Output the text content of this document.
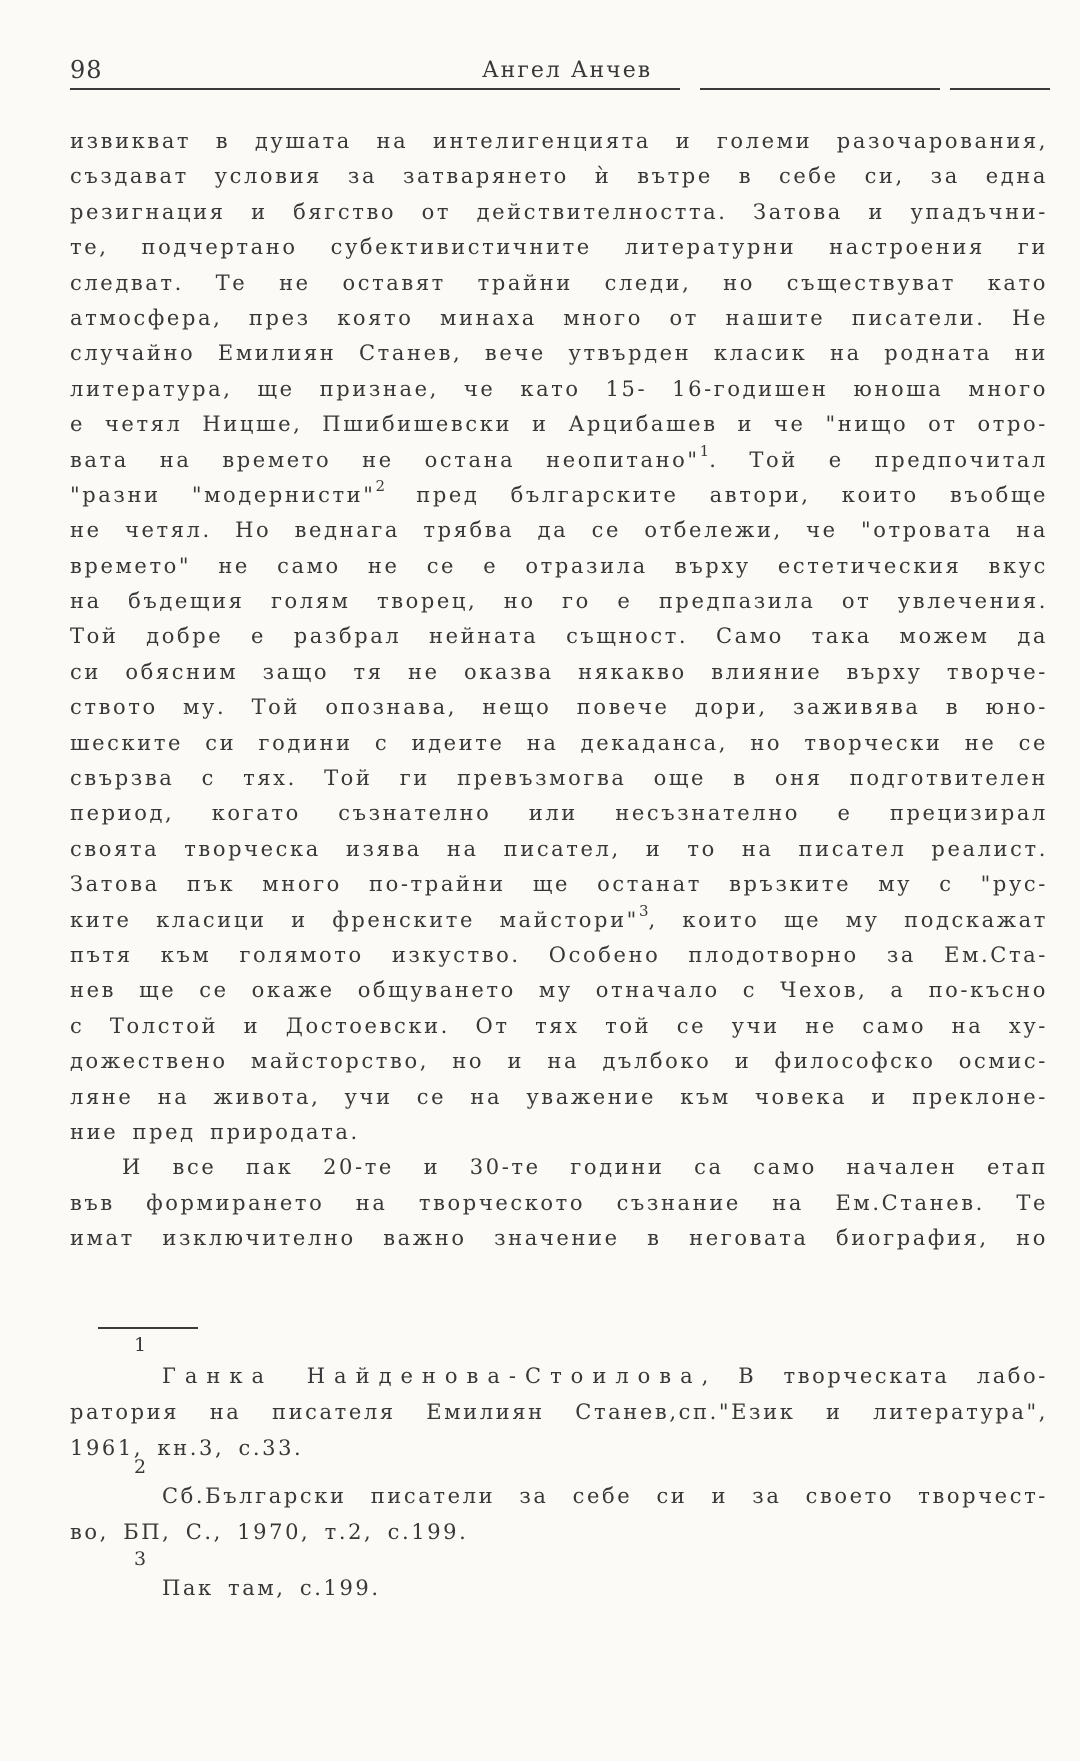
98	Ангел Анчев
извикват в душата на интелигенцията и големи разочарования,
създават условия за затварянето ѝ вътре в себе си, за една
резигнация и бягство от действителността. Затова и упадъчни-
те, подчертано субективистичните литературни настроения ги
следват. Те не оставят трайни следи, но съществуват като
атмосфера, през която минаха много от нашите писатели. Не
случайно Емилиян Станев, вече утвърден класик на родната ни
литература, ще признае, че като 15- 16-годишен юноша много
е четял Ницше, Пшибишевски и Арцибашев и че "нищо от отро-
вата на времето не остана неопитано"$^1$. Той е предпочитал
"разни "модернисти"$^2$ пред българските автори, които въобще
не четял. Но веднага трябва да се отбележи, че "отровата на
времето" не само не се е отразила върху естетическия вкус
на бъдещия голям творец, но го е предпазила от увлечения.
Той добре е разбрал нейната същност. Само така можем да
си обясним защо тя не оказва някакво влияние върху творче-
ството му. Той опознава, нещо повече дори, заживява в юно-
шеските си години с идеите на декаданса, но творчески не се
свързва с тях. Той ги превъзмогва още в оня подготвителен
период, когато съзнателно или несъзнателно е прецизирал
своята творческа изява на писател, и то на писател реалист.
Затова пък много по-трайни ще останат връзките му с "рус-
ките класици и френските майстори"$^3$, които ще му подскажат
пътя към голямото изкуство. Особено плодотворно за Ем.Ста-
нев ще се окаже общуването му отначало с Чехов, а по-късно
с Толстой и Достоевски. От тях той се учи не само на ху-
дожествено майсторство, но и на дълбоко и философско осмис-
ляне на живота, учи се на уважение към човека и преклоне-
ние пред природата.
И все пак 20-те и 30-те години са само начален етап
във формирането на творческото съзнание на Ем.Станев. Те
имат изключително важно значение в неговата биография, но
1
Ганка Найденова-Стоилова, В творческата лабо-
ратория на писателя Емилиян Станев,сп."Език и литература",
1961, кн.3, с.33.
2
Сб.Български писатели за себе си и за своето творчест-
во, БП, С., 1970, т.2, с.199.
3
Пак там, с.199.
